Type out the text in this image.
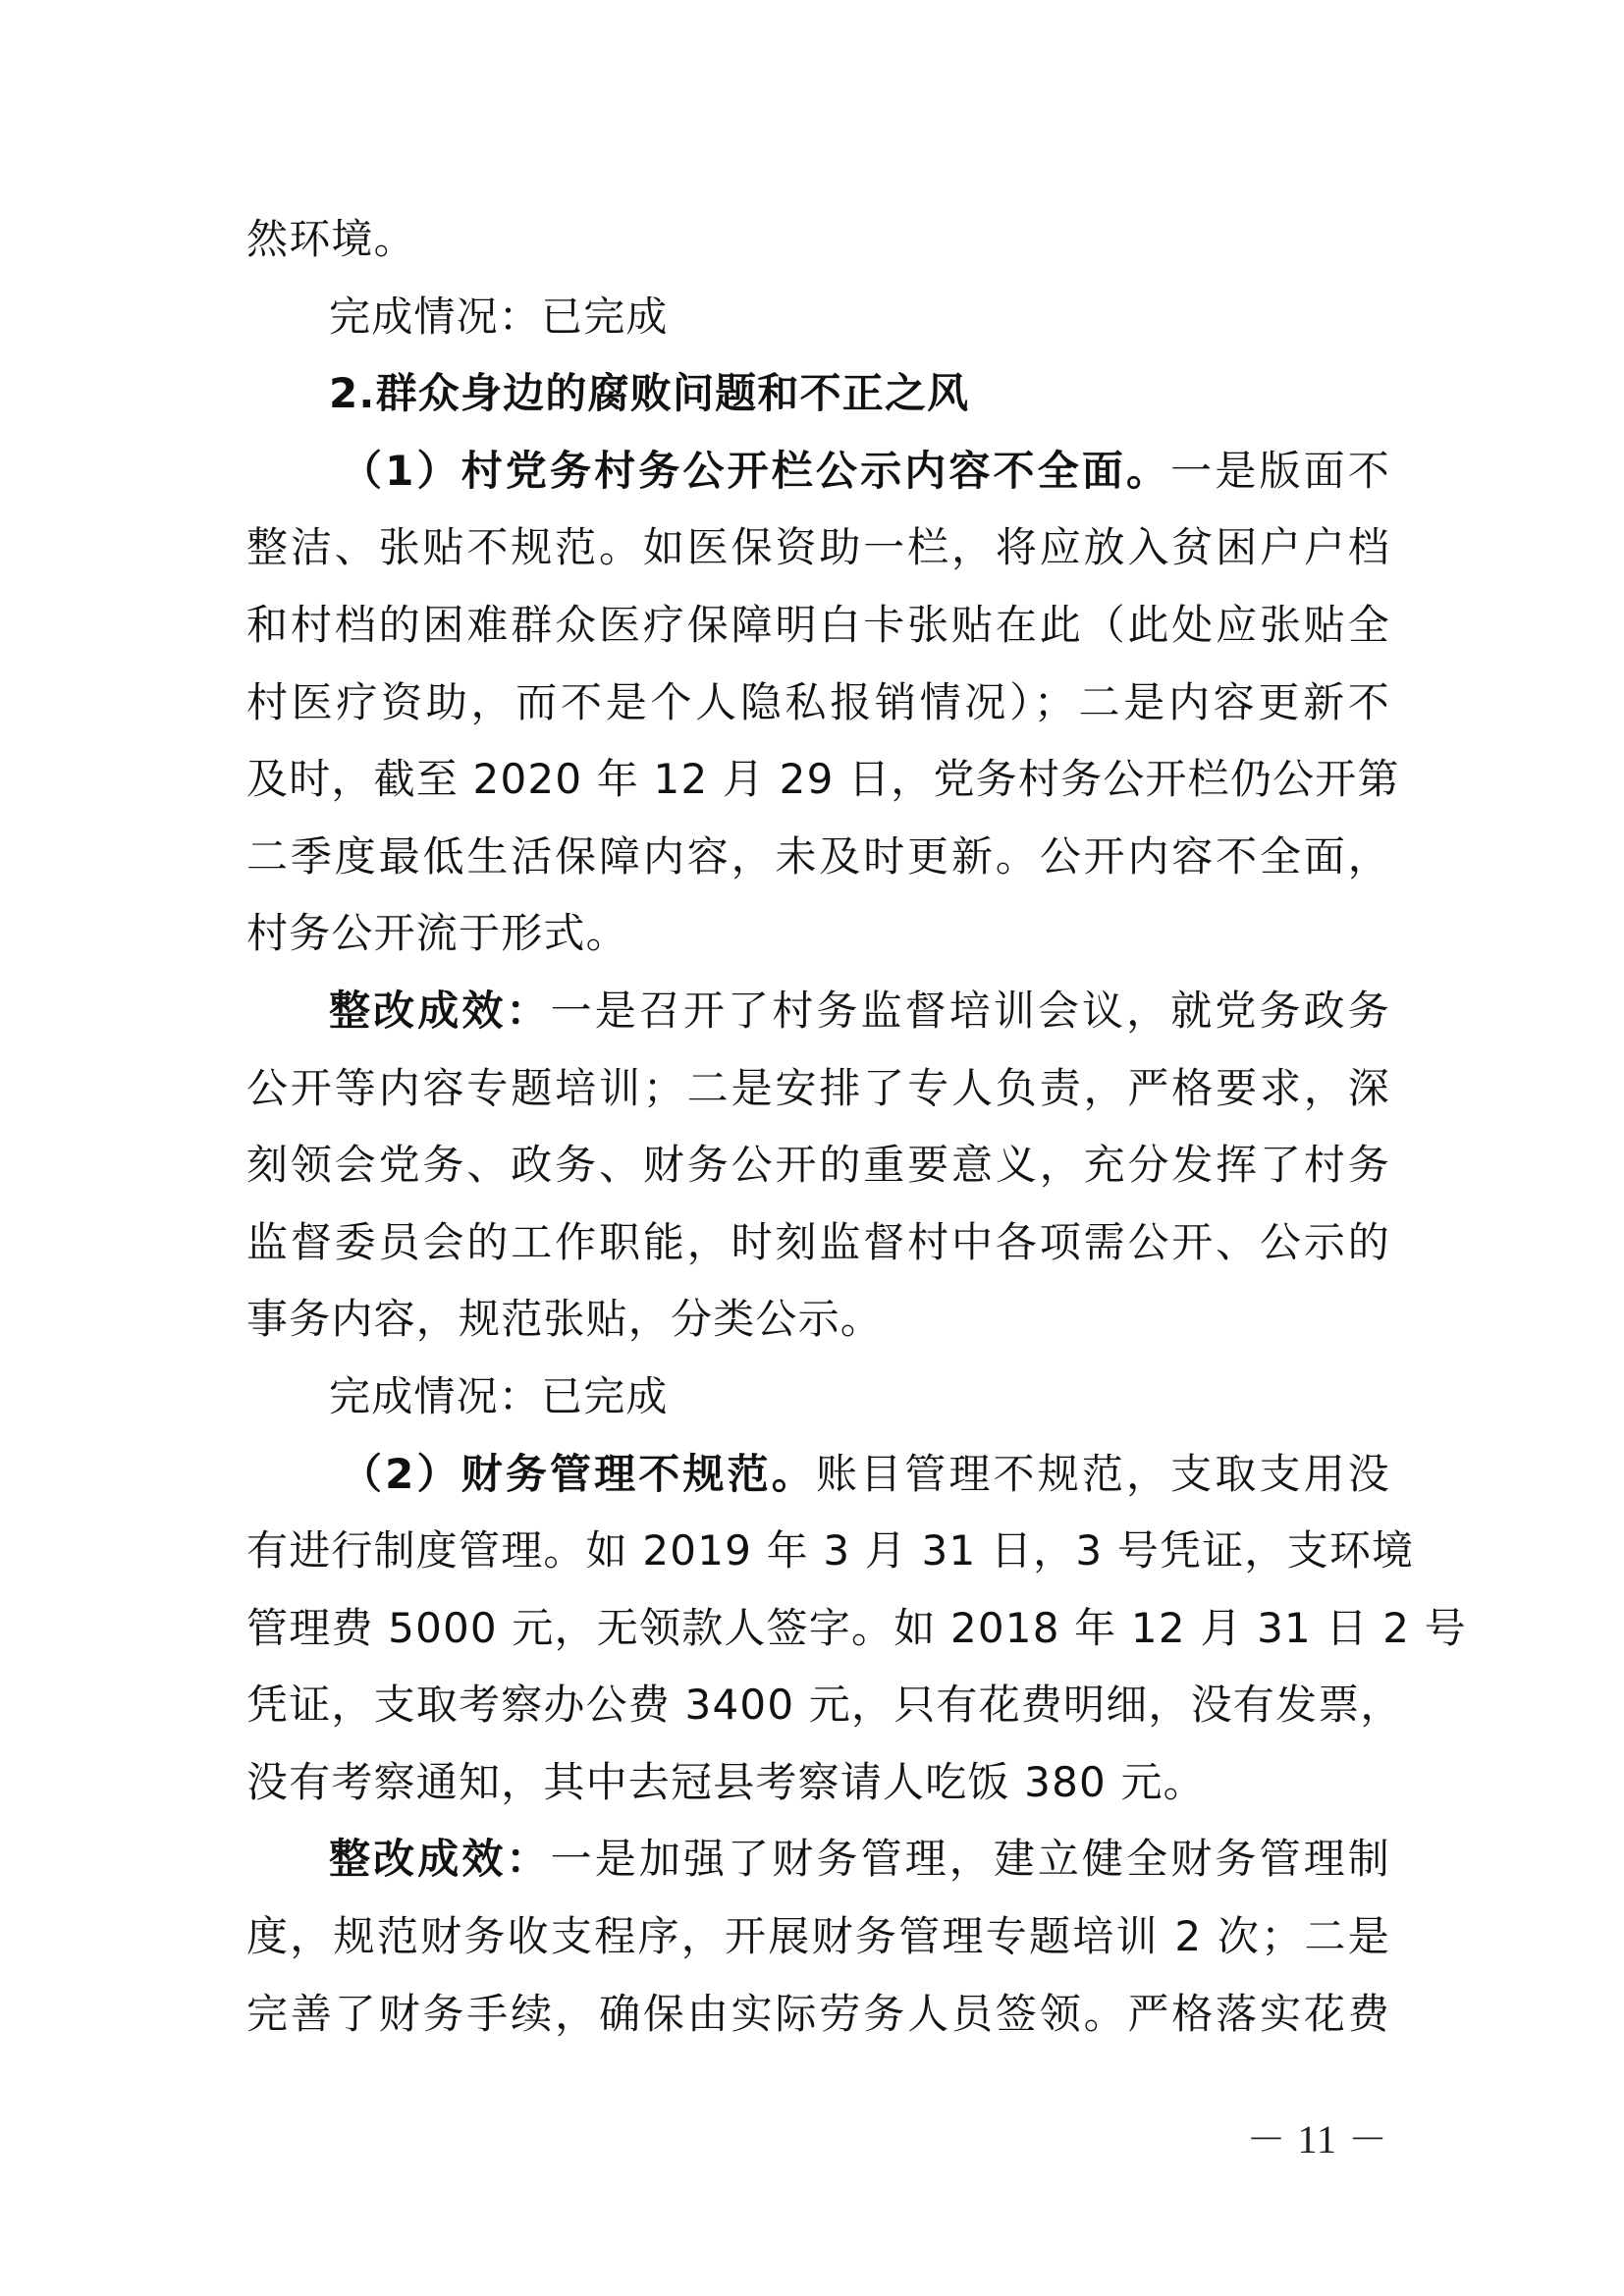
然环境。
完成情况：已完成
2.群众身边的腐败问题和不正之风
（1）村党务村务公开栏公示内容不全面。一是版面不
整洁、张贴不规范。如医保资助一栏，将应放入贫困户户档
和村档的困难群众医疗保障明白卡张贴在此（此处应张贴全
村医疗资助，而不是个人隐私报销情况）；二是内容更新不
及时，截至 2020 年 12 月 29 日，党务村务公开栏仍公开第
二季度最低生活保障内容，未及时更新。公开内容不全面，
村务公开流于形式。
整改成效：一是召开了村务监督培训会议，就党务政务
公开等内容专题培训；二是安排了专人负责，严格要求，深
刻领会党务、政务、财务公开的重要意义，充分发挥了村务
监督委员会的工作职能，时刻监督村中各项需公开、公示的
事务内容，规范张贴，分类公示。
完成情况：已完成
（2）财务管理不规范。账目管理不规范，支取支用没
有进行制度管理。如 2019 年 3 月 31 日，3 号凭证，支环境
管理费 5000 元，无领款人签字。如 2018 年 12 月 31 日 2 号
凭证，支取考察办公费 3400 元，只有花费明细，没有发票，
没有考察通知，其中去冠县考察请人吃饭 380 元。
整改成效：一是加强了财务管理，建立健全财务管理制
度，规范财务收支程序，开展财务管理专题培训 2 次；二是
完善了财务手续，确保由实际劳务人员签领。严格落实花费
－ 11 －
